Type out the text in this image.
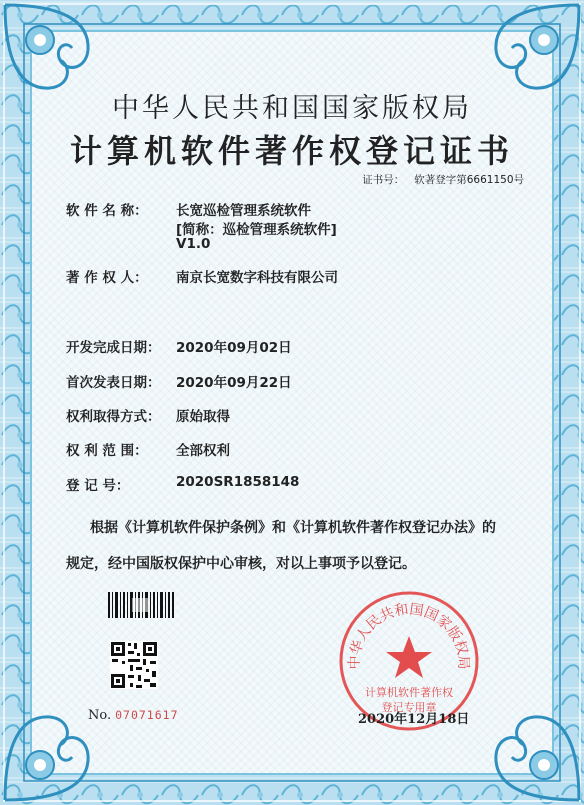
中华人民共和国国家版权局
计算机软件著作权登记证书
证书号： 软著登字第6661150号
软 件 名 称： 长宽巡检管理系统软件
[简称：巡检管理系统软件]
V1.0
著 作 权 人： 南京长宽数字科技有限公司
开发完成日期： 2020年09月02日
首次发表日期： 2020年09月22日
权利取得方式： 原始取得
权 利 范 围： 全部权利
登 记 号：	2020SR1858148
根据《计算机软件保护条例》和《计算机软件著作权登记办法》的
规定，经中国版权保护中心审核，对以上事项予以登记。
No. 07071617
中华人民共和国国家版权局
计算机软件著作权
登记专用章
2020年12月18日
